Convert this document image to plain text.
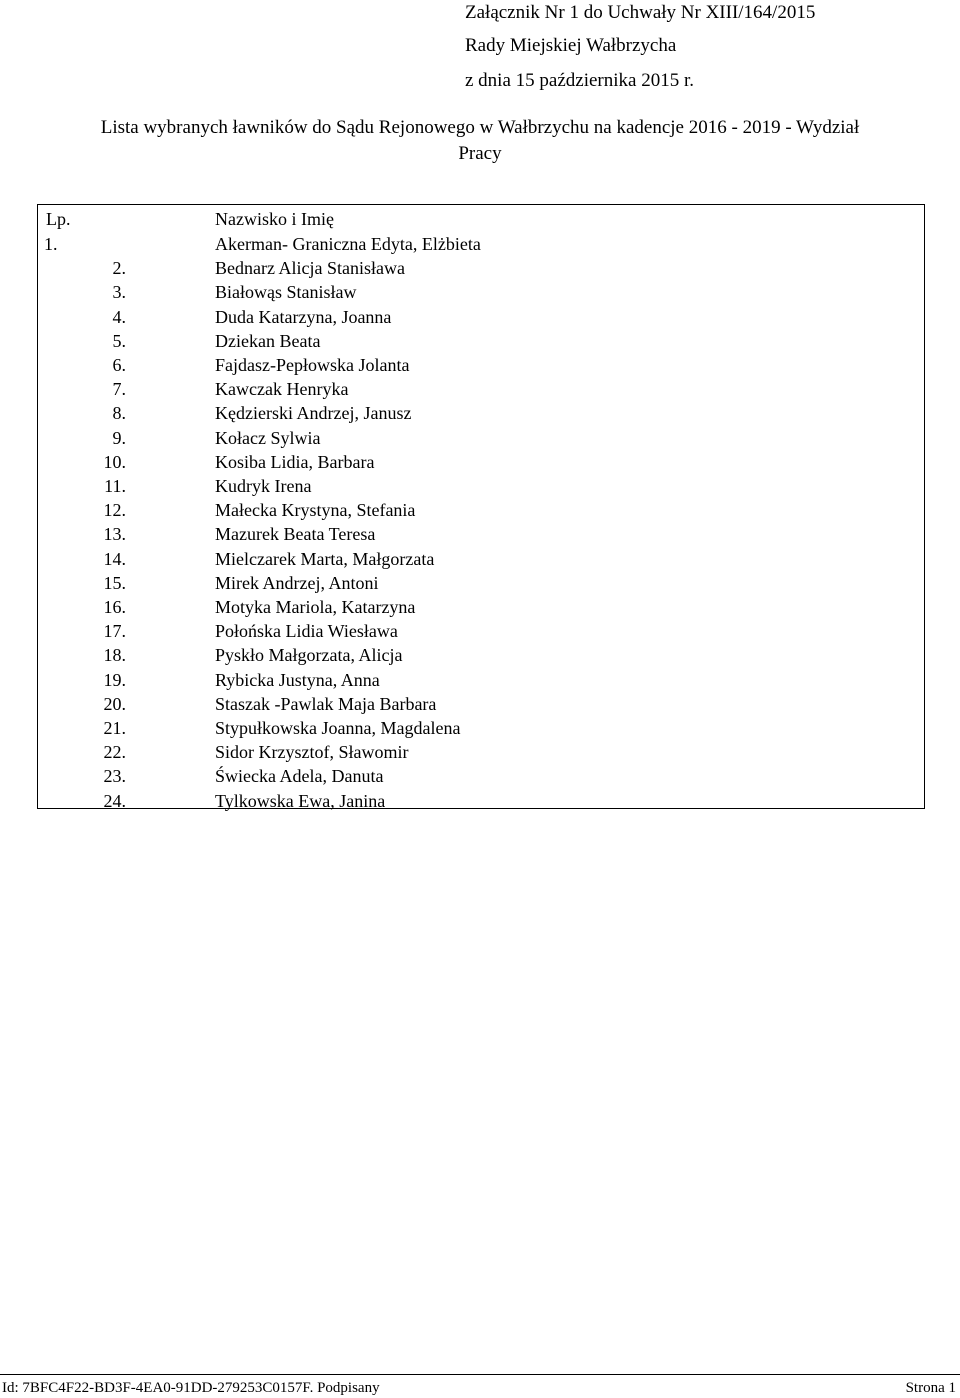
Załącznik Nr 1 do Uchwały Nr XIII/164/2015
Rady Miejskiej Wałbrzycha
z dnia 15 października 2015 r.
Lista wybranych ławników do Sądu Rejonowego w Wałbrzychu na kadencje 2016 - 2019 - Wydział
Pracy
Lp.	Nazwisko i Imię
1.	Akerman- Graniczna Edyta, Elżbieta
2.	Bednarz Alicja Stanisława
3.	Białowąs Stanisław
4.	Duda Katarzyna, Joanna
5.	Dziekan Beata
6.	Fajdasz-Pepłowska Jolanta
7.	Kawczak Henryka
8.	Kędzierski Andrzej, Janusz
9.	Kołacz Sylwia
10.	Kosiba Lidia, Barbara
11.	Kudryk Irena
12.	Małecka Krystyna, Stefania
13.	Mazurek Beata Teresa
14.	Mielczarek Marta, Małgorzata
15.	Mirek Andrzej, Antoni
16.	Motyka Mariola, Katarzyna
17.	Połońska Lidia Wiesława
18.	Pyskło Małgorzata, Alicja
19.	Rybicka Justyna, Anna
20.	Staszak -Pawlak Maja Barbara
21.	Stypułkowska Joanna, Magdalena
22.	Sidor Krzysztof, Sławomir
23.	Świecka Adela, Danuta
24.	Tylkowska Ewa, Janina
Id: 7BFC4F22-BD3F-4EA0-91DD-279253C0157F. Podpisany	Strona 1
